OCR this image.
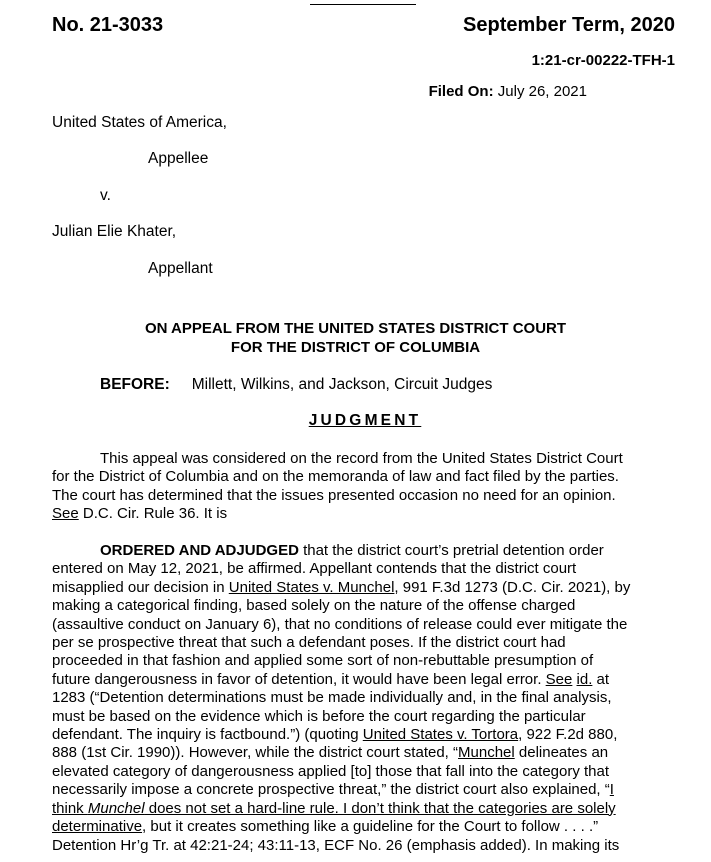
No. 21-3033	September Term, 2020
1:21-cr-00222-TFH-1
Filed On: July 26, 2021
United States of America,
Appellee
v.
Julian Elie Khater,
Appellant
ON APPEAL FROM THE UNITED STATES DISTRICT COURT
FOR THE DISTRICT OF COLUMBIA
BEFORE: Millett, Wilkins, and Jackson, Circuit Judges
JUDGMENT
This appeal was considered on the record from the United States District Court
for the District of Columbia and on the memoranda of law and fact filed by the parties.
The court has determined that the issues presented occasion no need for an opinion.
See D.C. Cir. Rule 36. It is
ORDERED AND ADJUDGED that the district court’s pretrial detention order
entered on May 12, 2021, be affirmed. Appellant contends that the district court
misapplied our decision in United States v. Munchel, 991 F.3d 1273 (D.C. Cir. 2021), by
making a categorical finding, based solely on the nature of the offense charged
(assaultive conduct on January 6), that no conditions of release could ever mitigate the
per se prospective threat that such a defendant poses. If the district court had
proceeded in that fashion and applied some sort of non-rebuttable presumption of
future dangerousness in favor of detention, it would have been legal error. See id. at
1283 (“Detention determinations must be made individually and, in the final analysis,
must be based on the evidence which is before the court regarding the particular
defendant. The inquiry is factbound.”) (quoting United States v. Tortora, 922 F.2d 880,
888 (1st Cir. 1990)). However, while the district court stated, “Munchel delineates an
elevated category of dangerousness applied [to] those that fall into the category that
necessarily impose a concrete prospective threat,” the district court also explained, “I
think Munchel does not set a hard-line rule. I don’t think that the categories are solely
determinative, but it creates something like a guideline for the Court to follow . . . .”
Detention Hr’g Tr. at 42:21-24; 43:11-13, ECF No. 26 (emphasis added). In making its
